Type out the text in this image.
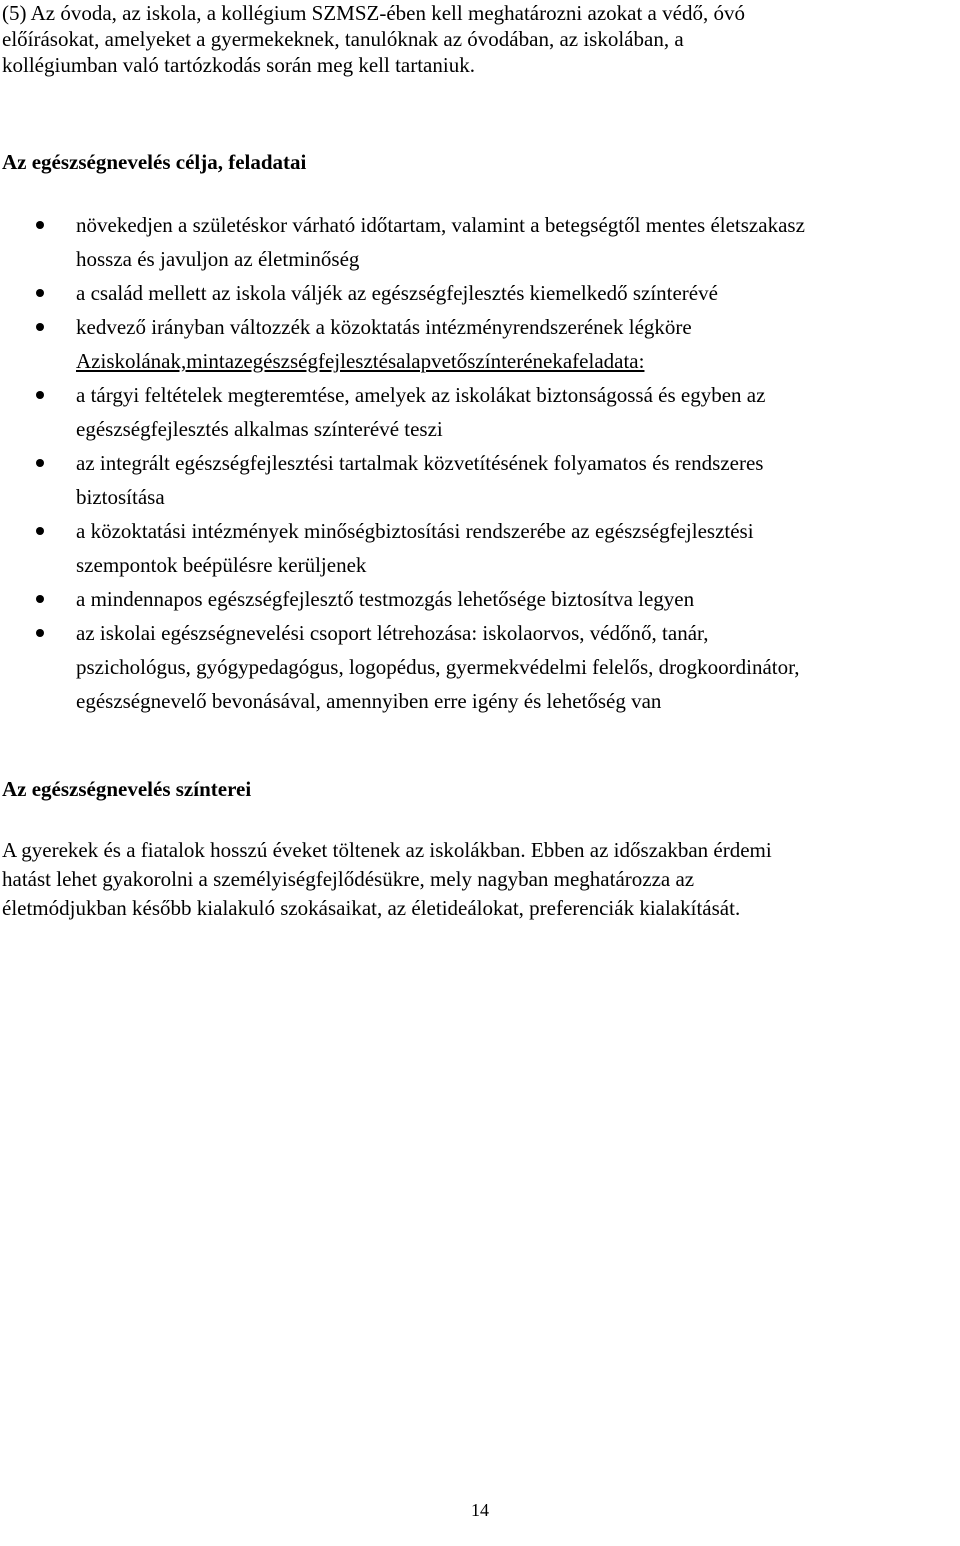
(5) Az óvoda, az iskola, a kollégium SZMSZ-ében kell meghatározni azokat a védő, óvó
előírásokat, amelyeket a gyermekeknek, tanulóknak az óvodában, az iskolában, a
kollégiumban való tartózkodás során meg kell tartaniuk.

Az egészségnevelés célja, feladatai
növekedjen a születéskor várható időtartam, valamint a betegségtől mentes életszakasz
hossza és javuljon az életminőség
a család mellett az iskola váljék az egészségfejlesztés kiemelkedő színterévé
kedvező irányban változzék a közoktatás intézményrendszerének légköre
Aziskolának,mintazegészségfejlesztésalapvetőszínterénekafeladata:
a tárgyi feltételek megteremtése, amelyek az iskolákat biztonságossá és egyben az
egészségfejlesztés alkalmas színterévé teszi
az integrált egészségfejlesztési tartalmak közvetítésének folyamatos és rendszeres
biztosítása
a közoktatási intézmények minőségbiztosítási rendszerébe az egészségfejlesztési
szempontok beépülésre kerüljenek
a mindennapos egészségfejlesztő testmozgás lehetősége biztosítva legyen
az iskolai egészségnevelési csoport létrehozása: iskolaorvos, védőnő, tanár,
pszichológus, gyógypedagógus, logopédus, gyermekvédelmi felelős, drogkoordinátor,
egészségnevelő bevonásával, amennyiben erre igény és lehetőség van
Az egészségnevelés színterei

A gyerekek és a fiatalok hosszú éveket töltenek az iskolákban. Ebben az időszakban érdemi
hatást lehet gyakorolni a személyiségfejlődésükre, mely nagyban meghatározza az
életmódjukban később kialakuló szokásaikat, az életideálokat, preferenciák kialakítását.

14
